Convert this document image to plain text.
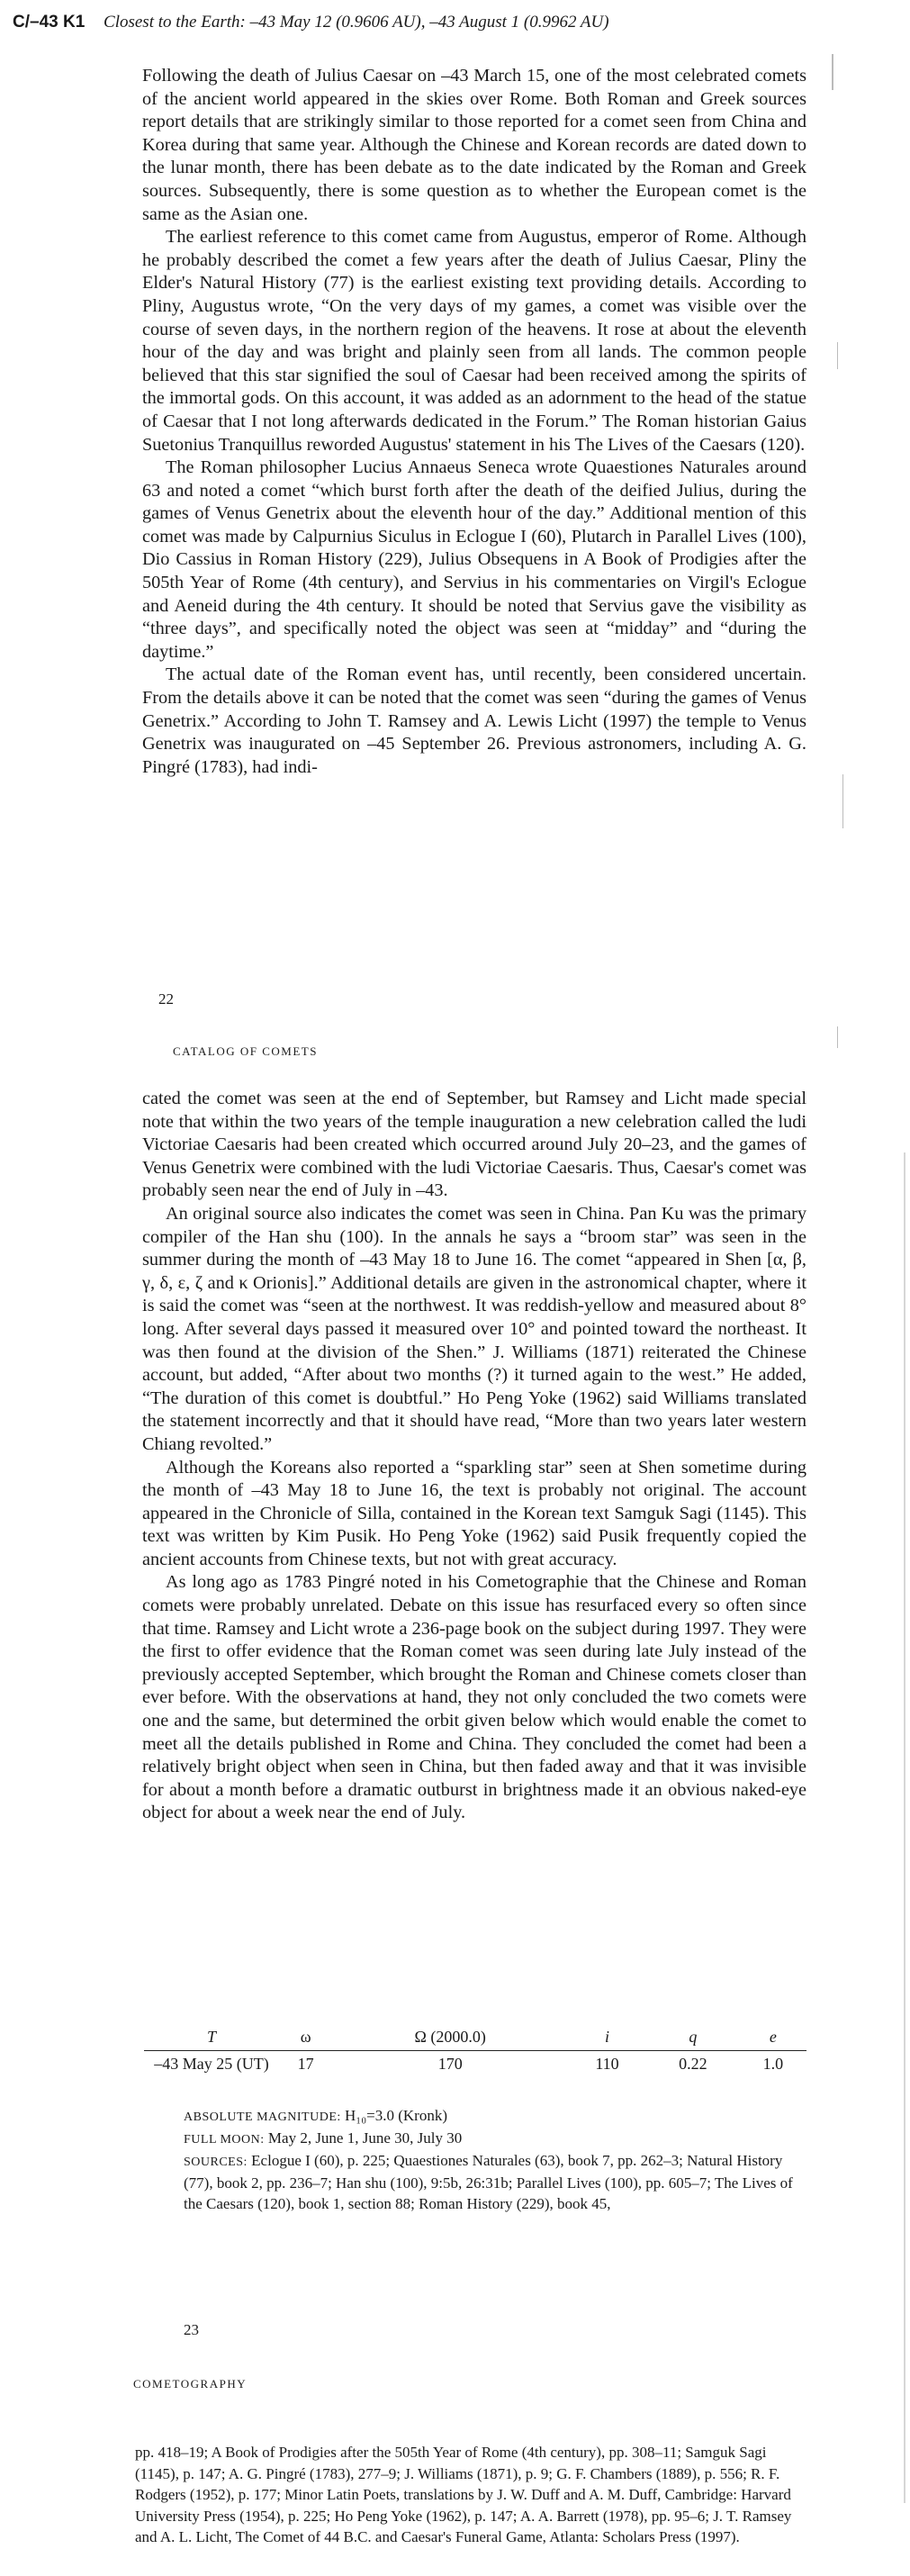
C/–43 K1 Closest to the Earth: –43 May 12 (0.9606 AU), –43 August 1 (0.9962 AU)

Following the death of Julius Caesar on –43 March 15, one of the most celebrated comets of the ancient world appeared in the skies over Rome. Both Roman and Greek sources report details that are strikingly similar to those reported for a comet seen from China and Korea during that same year. Although the Chinese and Korean records are dated down to the lunar month, there has been debate as to the date indicated by the Roman and Greek sources. Subsequently, there is some question as to whether the European comet is the same as the Asian one.

The earliest reference to this comet came from Augustus, emperor of Rome. Although he probably described the comet a few years after the death of Julius Caesar, Pliny the Elder's Natural History (77) is the earliest existing text providing details. According to Pliny, Augustus wrote, “On the very days of my games, a comet was visible over the course of seven days, in the northern region of the heavens. It rose at about the eleventh hour of the day and was bright and plainly seen from all lands. The common people believed that this star signified the soul of Caesar had been received among the spirits of the immortal gods. On this account, it was added as an adornment to the head of the statue of Caesar that I not long afterwards dedicated in the Forum.” The Roman historian Gaius Suetonius Tranquillus reworded Augustus' statement in his The Lives of the Caesars (120).

The Roman philosopher Lucius Annaeus Seneca wrote Quaestiones Naturales around 63 and noted a comet “which burst forth after the death of the deified Julius, during the games of Venus Genetrix about the eleventh hour of the day.” Additional mention of this comet was made by Calpurnius Siculus in Eclogue I (60), Plutarch in Parallel Lives (100), Dio Cassius in Roman History (229), Julius Obsequens in A Book of Prodigies after the 505th Year of Rome (4th century), and Servius in his commentaries on Virgil's Eclogue and Aeneid during the 4th century. It should be noted that Servius gave the visibility as “three days”, and specifically noted the object was seen at “midday” and “during the daytime.”

The actual date of the Roman event has, until recently, been considered uncertain. From the details above it can be noted that the comet was seen “during the games of Venus Genetrix.” According to John T. Ramsey and A. Lewis Licht (1997) the temple to Venus Genetrix was inaugurated on –45 September 26. Previous astronomers, including A. G. Pingré (1783), had indi-

22
CATALOG OF COMETS

cated the comet was seen at the end of September, but Ramsey and Licht made special note that within the two years of the temple inauguration a new celebration called the ludi Victoriae Caesaris had been created which occurred around July 20–23, and the games of Venus Genetrix were combined with the ludi Victoriae Caesaris. Thus, Caesar's comet was probably seen near the end of July in –43.

An original source also indicates the comet was seen in China. Pan Ku was the primary compiler of the Han shu (100). In the annals he says a “broom star” was seen in the summer during the month of –43 May 18 to June 16. The comet “appeared in Shen [α, β, γ, δ, ε, ζ and κ Orionis].” Additional details are given in the astronomical chapter, where it is said the comet was “seen at the northwest. It was reddish-yellow and measured about 8° long. After several days passed it measured over 10° and pointed toward the northeast. It was then found at the division of the Shen.” J. Williams (1871) reiterated the Chinese account, but added, “After about two months (?) it turned again to the west.” He added, “The duration of this comet is doubtful.” Ho Peng Yoke (1962) said Williams translated the statement incorrectly and that it should have read, “More than two years later western Chiang revolted.”

Although the Koreans also reported a “sparkling star” seen at Shen sometime during the month of –43 May 18 to June 16, the text is probably not original. The account appeared in the Chronicle of Silla, contained in the Korean text Samguk Sagi (1145). This text was written by Kim Pusik. Ho Peng Yoke (1962) said Pusik frequently copied the ancient accounts from Chinese texts, but not with great accuracy.

As long ago as 1783 Pingré noted in his Cometographie that the Chinese and Roman comets were probably unrelated. Debate on this issue has resurfaced every so often since that time. Ramsey and Licht wrote a 236-page book on the subject during 1997. They were the first to offer evidence that the Roman comet was seen during late July instead of the previously accepted September, which brought the Roman and Chinese comets closer than ever before. With the observations at hand, they not only concluded the two comets were one and the same, but determined the orbit given below which would enable the comet to meet all the details published in Rome and China. They concluded the comet had been a relatively bright object when seen in China, but then faded away and that it was invisible for about a month before a dramatic outburst in brightness made it an obvious naked-eye object for about a week near the end of July.

T	ω	Ω (2000.0)	i	q	e
–43 May 25 (UT)	17	170	110	0.22	1.0

ABSOLUTE MAGNITUDE: H₁₀=3.0 (Kronk)

FULL MOON: May 2, June 1, June 30, July 30

SOURCES: Eclogue I (60), p. 225; Quaestiones Naturales (63), book 7, pp. 262–3; Natural History (77), book 2, pp. 236–7; Han shu (100), 9:5b, 26:31b; Parallel Lives (100), pp. 605–7; The Lives of the Caesars (120), book 1, section 88; Roman History (229), book 45,

23
COMETOGRAPHY
pp. 418–19; A Book of Prodigies after the 505th Year of Rome (4th century), pp. 308–11; Samguk Sagi (1145), p. 147; A. G. Pingré (1783), 277–9; J. Williams (1871), p. 9; G. F. Chambers (1889), p. 556; R. F. Rodgers (1952), p. 177; Minor Latin Poets, translations by J. W. Duff and A. M. Duff, Cambridge: Harvard University Press (1954), p. 225; Ho Peng Yoke (1962), p. 147; A. A. Barrett (1978), pp. 95–6; J. T. Ramsey and A. L. Licht, The Comet of 44 B.C. and Caesar's Funeral Game, Atlanta: Scholars Press (1997).
